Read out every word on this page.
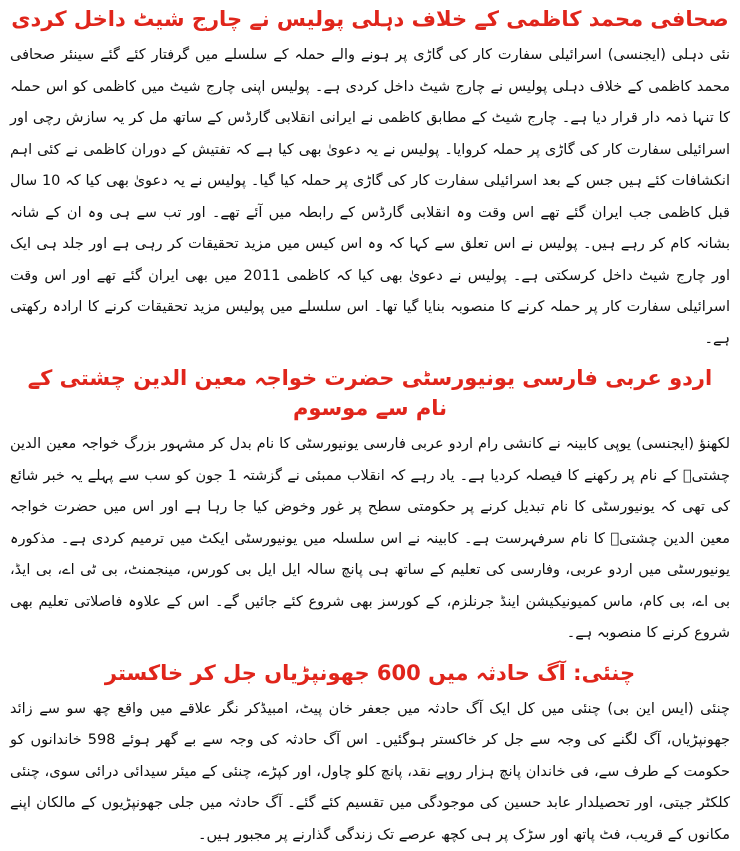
صحافی محمد کاظمی کے خلاف دہلی پولیس نے چارج شیٹ داخل کردی

نئی دہلی (ایجنسی) اسرائیلی سفارت کار کی گاڑی پر ہونے والے حملہ کے سلسلے میں گرفتار کئے گئے سینئر صحافی محمد کاظمی کے خلاف دہلی پولیس نے چارج شیٹ داخل کردی ہے۔ پولیس اپنی چارج شیٹ میں کاظمی کو اس حملہ کا تنہا ذمہ دار قرار دیا ہے۔ چارج شیٹ کے مطابق کاظمی نے ایرانی انقلابی گارڈس کے ساتھ مل کر یہ سازش رچی اور اسرائیلی سفارت کار کی گاڑی پر حملہ کروایا۔ پولیس نے یہ دعویٰ بھی کیا ہے کہ تفتیش کے دوران کاظمی نے کئی اہم انکشافات کئے ہیں جس کے بعد اسرائیلی سفارت کار کی گاڑی پر حملہ کیا گیا۔ پولیس نے یہ دعویٰ بھی کیا کہ 10 سال قبل کاظمی جب ایران گئے تھے اس وقت وہ انقلابی گارڈس کے رابطہ میں آئے تھے۔ اور تب سے ہی وہ ان کے شانہ بشانہ کام کر رہے ہیں۔ پولیس نے اس تعلق سے کہا کہ وہ اس کیس میں مزید تحقیقات کر رہی ہے اور جلد ہی ایک اور چارج شیٹ داخل کرسکتی ہے۔ پولیس نے دعویٰ بھی کیا کہ کاظمی 2011 میں بھی ایران گئے تھے اور اس وقت اسرائیلی سفارت کار پر حملہ کرنے کا منصوبہ بنایا گیا تھا۔ اس سلسلے میں پولیس مزید تحقیقات کرنے کا ارادہ رکھتی ہے۔

اردو عربی فارسی یونیورسٹی حضرت خواجہ معین الدین چشتی کے نام سے موسوم

لکھنؤ (ایجنسی) یوپی کابینہ نے کانشی رام اردو عربی فارسی یونیورسٹی کا نام بدل کر مشہور بزرگ خواجہ معین الدین چشتیؒ کے نام پر رکھنے کا فیصلہ کردیا ہے۔ یاد رہے کہ انقلاب ممبئی نے گزشتہ 1 جون کو سب سے پہلے یہ خبر شائع کی تھی کہ یونیورسٹی کا نام تبدیل کرنے پر حکومتی سطح پر غور وخوض کیا جا رہا ہے اور اس میں حضرت خواجہ معین الدین چشتیؒ کا نام سرفہرست ہے۔ کابینہ نے اس سلسلہ میں یونیورسٹی ایکٹ میں ترمیم کردی ہے۔ مذکورہ یونیورسٹی میں اردو عربی، وفارسی کی تعلیم کے ساتھ ہی پانچ سالہ ایل ایل بی کورس، مینجمنٹ، بی ٹی اے، بی ایڈ، بی اے، بی کام، ماس کمیونیکیشن اینڈ جرنلزم، کے کورسز بھی شروع کئے جائیں گے۔ اس کے علاوہ فاصلاتی تعلیم بھی شروع کرنے کا منصوبہ ہے۔

چنئی: آگ حادثہ میں 600 جھونپڑیاں جل کر خاکستر

چنئی (ایس این بی) چنئی میں کل ایک آگ حادثہ میں جعفر خان پیٹ، امبیڈکر نگر علاقے میں واقع چھ سو سے زائد جھونپڑیاں، آگ لگنے کی وجہ سے جل کر خاکستر ہوگئیں۔ اس آگ حادثہ کی وجہ سے بے گھر ہوئے 598 خاندانوں کو حکومت کے طرف سے، فی خاندان پانچ ہزار روپے نقد، پانچ کلو چاول، اور کپڑے، چنئی کے میئر سیدائی درائی سوی، چنئی کلکٹر جیتی، اور تحصیلدار عابد حسین کی موجودگی میں تقسیم کئے گئے۔ آگ حادثہ میں جلی جھونپڑیوں کے مالکان اپنے مکانوں کے قریب، فٹ پاتھ اور سڑک پر ہی کچھ عرصے تک زندگی گذارنے پر مجبور ہیں۔
